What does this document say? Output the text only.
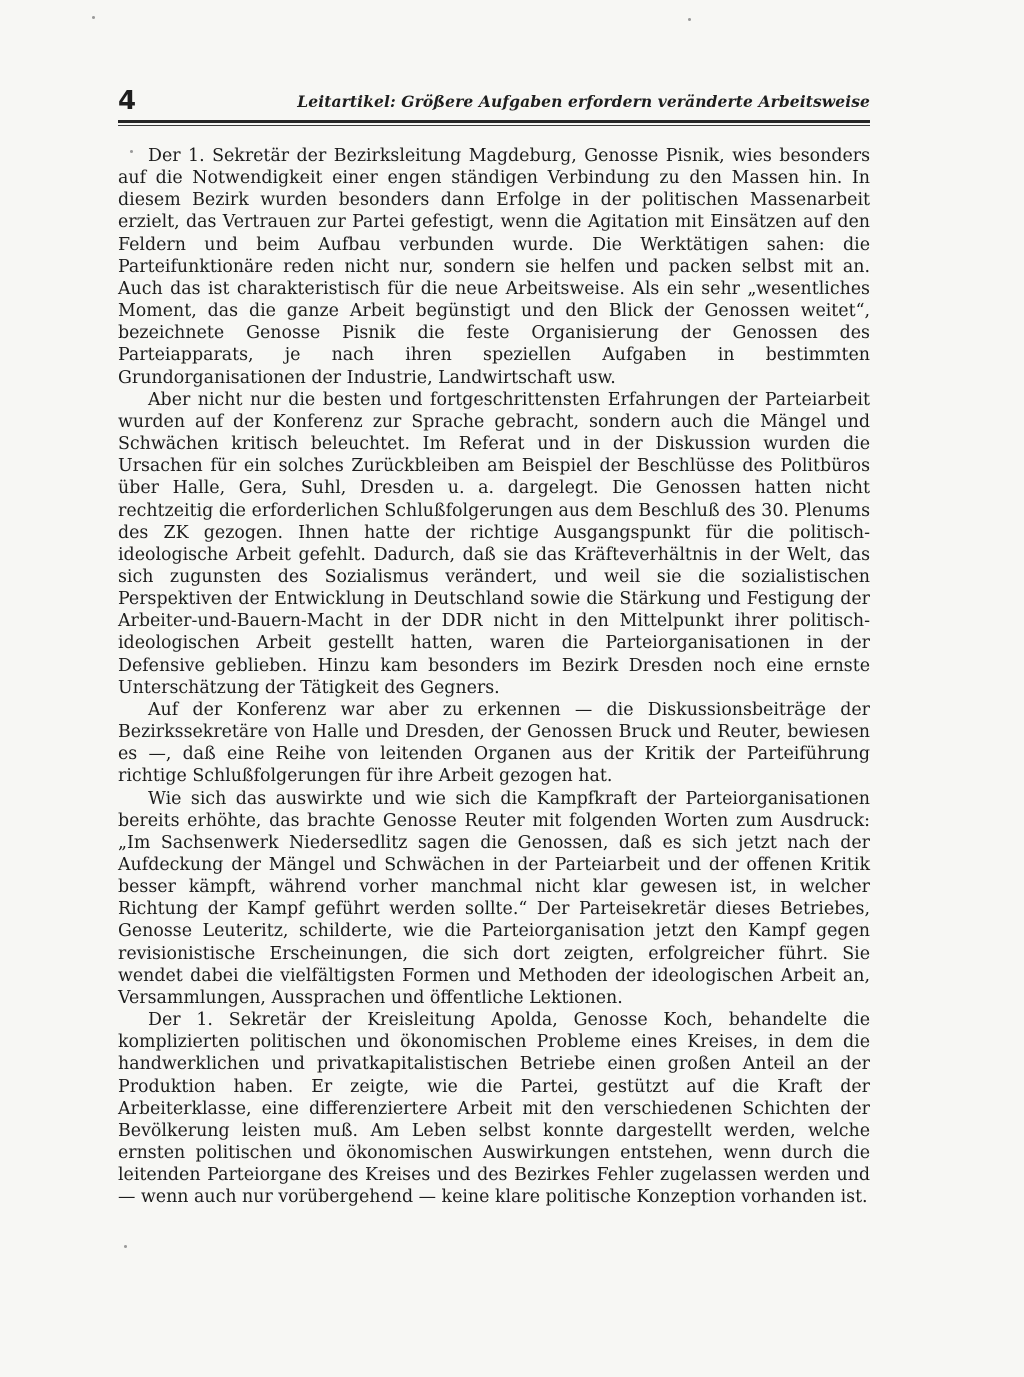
4	Leitartikel: Größere Aufgaben erfordern veränderte Arbeitsweise

Der 1. Sekretär der Bezirksleitung Magdeburg, Genosse Pisnik, wies besonders auf die Notwendigkeit einer engen ständigen Verbindung zu den Massen hin. In diesem Bezirk wurden besonders dann Erfolge in der politischen Massenarbeit erzielt, das Vertrauen zur Partei gefestigt, wenn die Agitation mit Einsätzen auf den Feldern und beim Aufbau verbunden wurde. Die Werktätigen sahen: die Parteifunktionäre reden nicht nur, sondern sie helfen und packen selbst mit an. Auch das ist charakteristisch für die neue Arbeitsweise. Als ein sehr „wesentliches Moment, das die ganze Arbeit begünstigt und den Blick der Genossen weitet“, bezeichnete Genosse Pisnik die feste Organisierung der Genossen des Parteiapparats, je nach ihren speziellen Aufgaben in bestimmten Grundorganisationen der Industrie, Landwirtschaft usw.

Aber nicht nur die besten und fortgeschrittensten Erfahrungen der Parteiarbeit wurden auf der Konferenz zur Sprache gebracht, sondern auch die Mängel und Schwächen kritisch beleuchtet. Im Referat und in der Diskussion wurden die Ursachen für ein solches Zurückbleiben am Beispiel der Beschlüsse des Politbüros über Halle, Gera, Suhl, Dresden u. a. dargelegt. Die Genossen hatten nicht rechtzeitig die erforderlichen Schlußfolgerungen aus dem Beschluß des 30. Plenums des ZK gezogen. Ihnen hatte der richtige Ausgangspunkt für die politisch-ideologische Arbeit gefehlt. Dadurch, daß sie das Kräfteverhältnis in der Welt, das sich zugunsten des Sozialismus verändert, und weil sie die sozialistischen Perspektiven der Entwicklung in Deutschland sowie die Stärkung und Festigung der Arbeiter-und-Bauern-Macht in der DDR nicht in den Mittelpunkt ihrer politisch-ideologischen Arbeit gestellt hatten, waren die Parteiorganisationen in der Defensive geblieben. Hinzu kam besonders im Bezirk Dresden noch eine ernste Unterschätzung der Tätigkeit des Gegners.

Auf der Konferenz war aber zu erkennen — die Diskussionsbeiträge der Bezirkssekretäre von Halle und Dresden, der Genossen Bruck und Reuter, bewiesen es —, daß eine Reihe von leitenden Organen aus der Kritik der Parteiführung richtige Schlußfolgerungen für ihre Arbeit gezogen hat.

Wie sich das auswirkte und wie sich die Kampfkraft der Parteiorganisationen bereits erhöhte, das brachte Genosse Reuter mit folgenden Worten zum Ausdruck: „Im Sachsenwerk Niedersedlitz sagen die Genossen, daß es sich jetzt nach der Aufdeckung der Mängel und Schwächen in der Parteiarbeit und der offenen Kritik besser kämpft, während vorher manchmal nicht klar gewesen ist, in welcher Richtung der Kampf geführt werden sollte.“ Der Parteisekretär dieses Betriebes, Genosse Leuteritz, schilderte, wie die Parteiorganisation jetzt den Kampf gegen revisionistische Erscheinungen, die sich dort zeigten, erfolgreicher führt. Sie wendet dabei die vielfältigsten Formen und Methoden der ideologischen Arbeit an, Versammlungen, Aussprachen und öffentliche Lektionen.

Der 1. Sekretär der Kreisleitung Apolda, Genosse Koch, behandelte die komplizierten politischen und ökonomischen Probleme eines Kreises, in dem die handwerklichen und privatkapitalistischen Betriebe einen großen Anteil an der Produktion haben. Er zeigte, wie die Partei, gestützt auf die Kraft der Arbeiterklasse, eine differenziertere Arbeit mit den verschiedenen Schichten der Bevölkerung leisten muß. Am Leben selbst konnte dargestellt werden, welche ernsten politischen und ökonomischen Auswirkungen entstehen, wenn durch die leitenden Parteiorgane des Kreises und des Bezirkes Fehler zugelassen werden und — wenn auch nur vorübergehend — keine klare politische Konzeption vorhanden ist.
